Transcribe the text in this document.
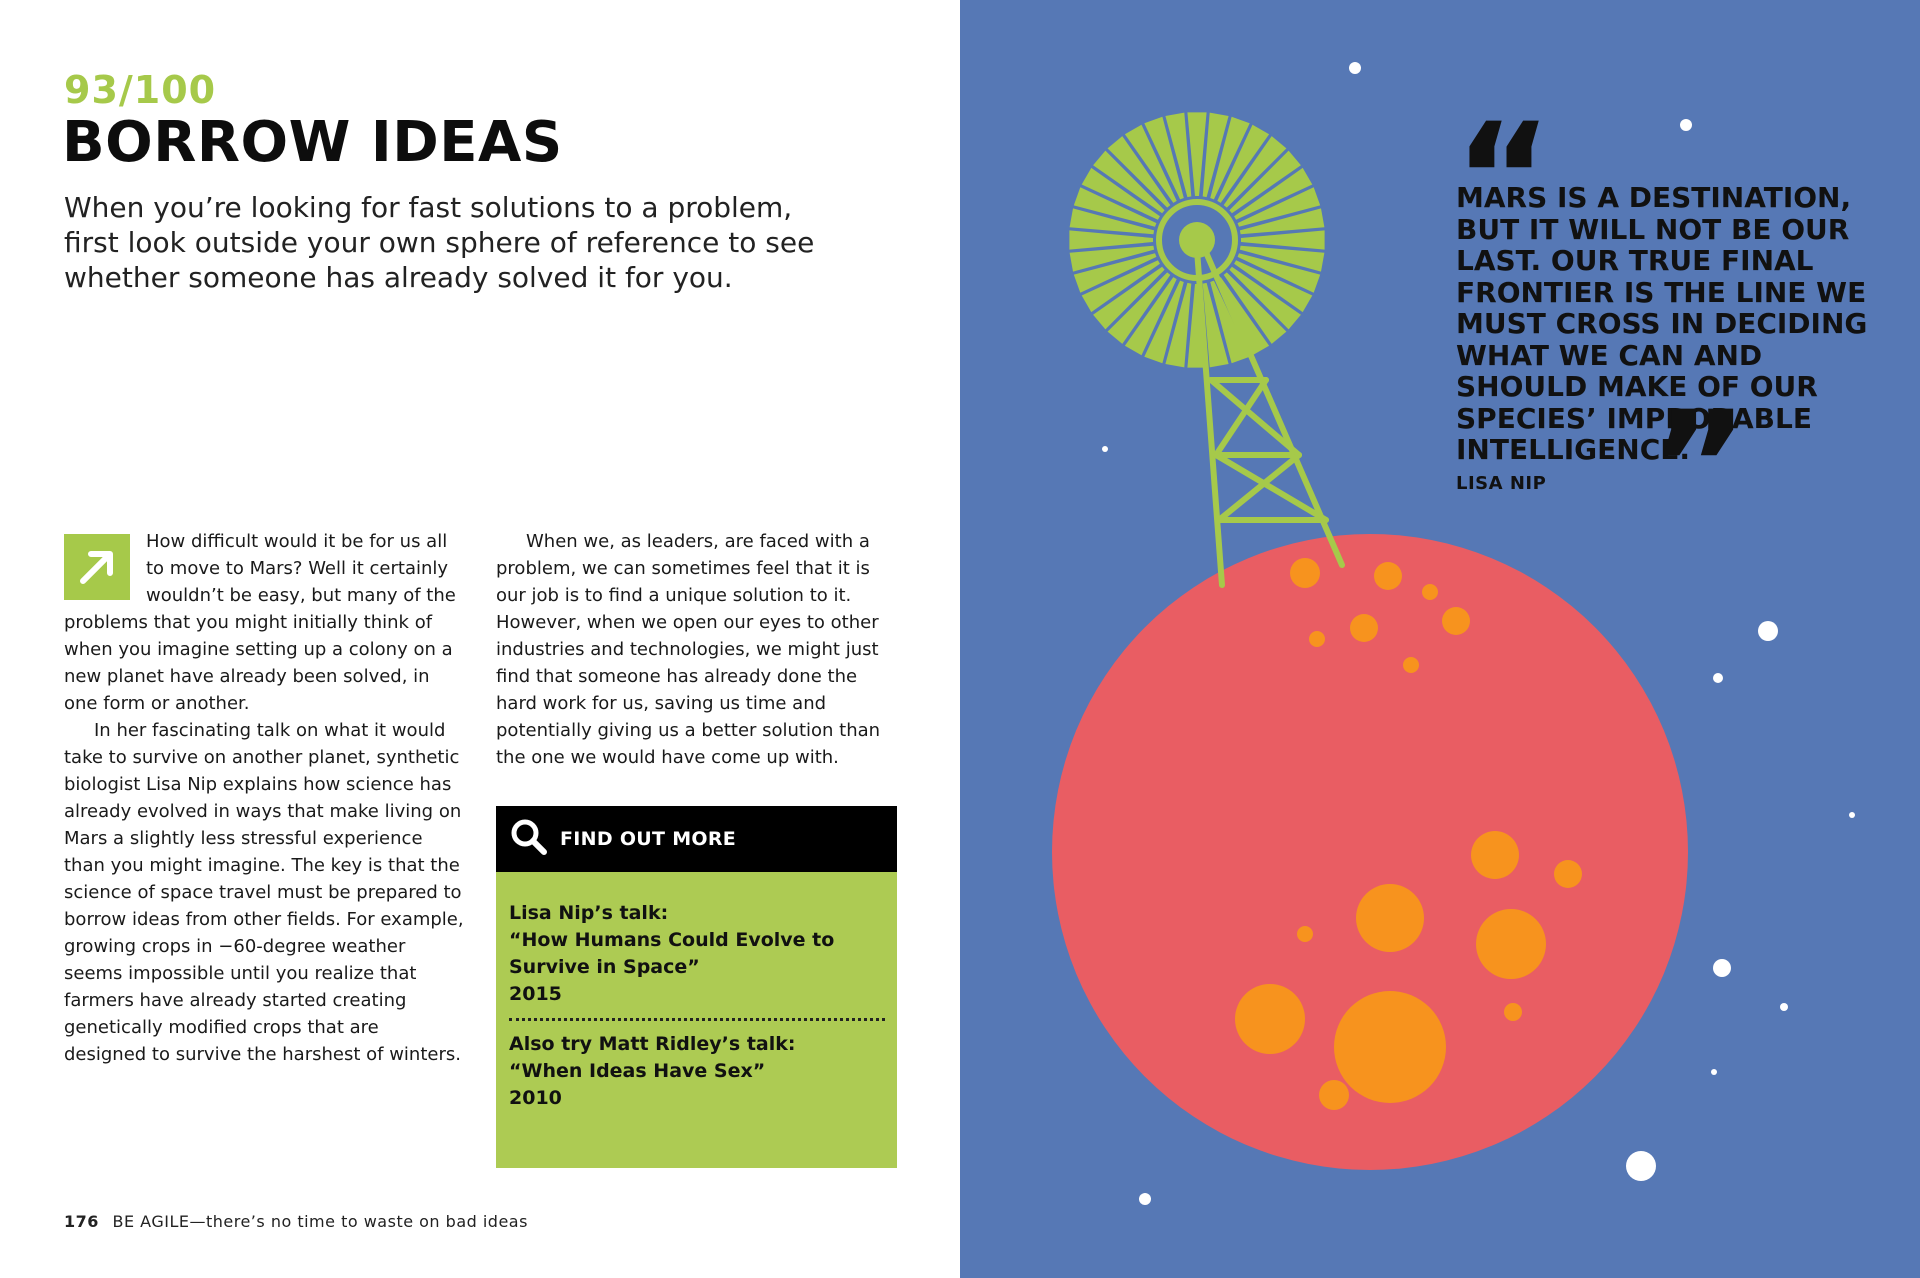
93/100
BORROW IDEAS
When you’re looking for fast solutions to a problem, first look outside your own sphere of reference to see whether someone has already solved it for you.

How difficult would it be for us all to move to Mars? Well it certainly wouldn’t be easy, but many of the problems that you might initially think of when you imagine setting up a colony on a new planet have already been solved, in one form or another.

In her fascinating talk on what it would take to survive on another planet, synthetic biologist Lisa Nip explains how science has already evolved in ways that make living on Mars a slightly less stressful experience than you might imagine. The key is that the science of space travel must be prepared to borrow ideas from other fields. For example, growing crops in −60-degree weather seems impossible until you realize that farmers have already started creating genetically modified crops that are designed to survive the harshest of winters.

When we, as leaders, are faced with a problem, we can sometimes feel that it is our job is to find a unique solution to it. However, when we open our eyes to other industries and technologies, we might just find that someone has already done the hard work for us, saving us time and potentially giving us a better solution than the one we would have come up with.

FIND OUT MORE
Lisa Nip’s talk:
“How Humans Could Evolve to Survive in Space”
2015
Also try Matt Ridley’s talk:
“When Ideas Have Sex”
2010
176 BE AGILE—there’s no time to waste on bad ideas
“
MARS IS A DESTINATION, BUT IT WILL NOT BE OUR LAST. OUR TRUE FINAL FRONTIER IS THE LINE WE MUST CROSS IN DECIDING WHAT WE CAN AND SHOULD MAKE OF OUR SPECIES’ IMPROBABLE INTELLIGENCE.
LISA NIP ”
